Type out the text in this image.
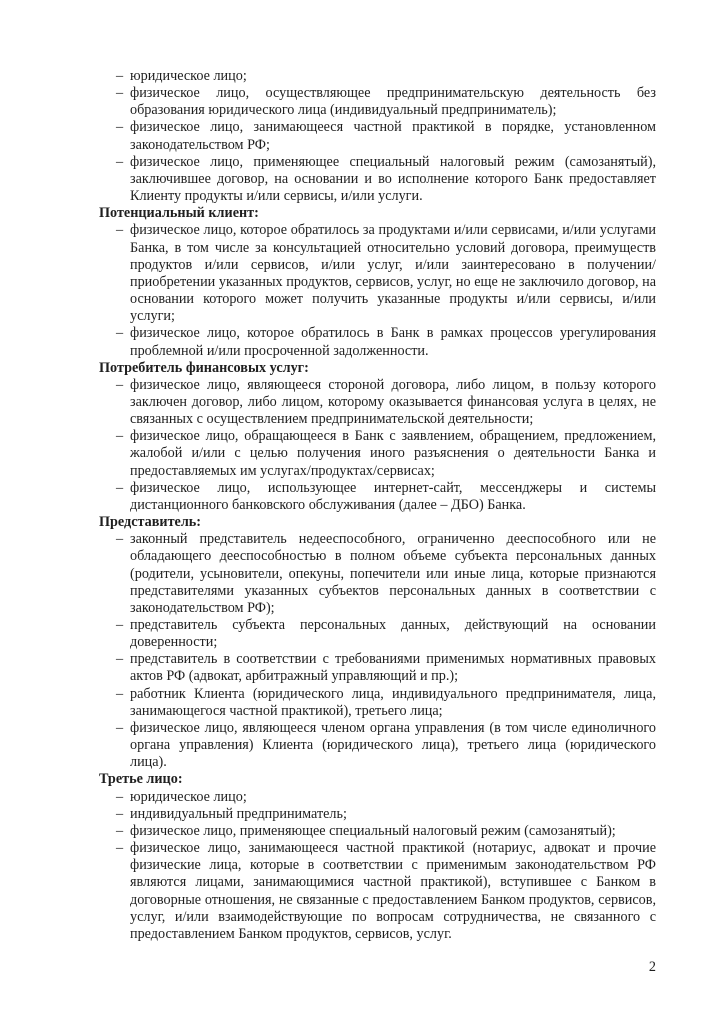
– юридическое лицо;
– физическое лицо, осуществляющее предпринимательскую деятельность без образования юридического лица (индивидуальный предприниматель);
– физическое лицо, занимающееся частной практикой в порядке, установленном законодательством РФ;
– физическое лицо, применяющее специальный налоговый режим (самозанятый), заключившее договор, на основании и во исполнение которого Банк предоставляет Клиенту продукты и/или сервисы, и/или услуги.

Потенциальный клиент:

– физическое лицо, которое обратилось за продуктами и/или сервисами, и/или услугами Банка, в том числе за консультацией относительно условий договора, преимуществ продуктов и/или сервисов, и/или услуг, и/или заинтересовано в получении/приобретении указанных продуктов, сервисов, услуг, но еще не заключило договор, на основании которого может получить указанные продукты и/или сервисы, и/или услуги;
– физическое лицо, которое обратилось в Банк в рамках процессов урегулирования проблемной и/или просроченной задолженности.

Потребитель финансовых услуг:

– физическое лицо, являющееся стороной договора, либо лицом, в пользу которого заключен договор, либо лицом, которому оказывается финансовая услуга в целях, не связанных с осуществлением предпринимательской деятельности;
– физическое лицо, обращающееся в Банк с заявлением, обращением, предложением, жалобой и/или с целью получения иного разъяснения о деятельности Банка и предоставляемых им услугах/продуктах/сервисах;
– физическое лицо, использующее интернет-сайт, мессенджеры и системы дистанционного банковского обслуживания (далее – ДБО) Банка.

Представитель:

– законный представитель недееспособного, ограниченно дееспособного или не обладающего дееспособностью в полном объеме субъекта персональных данных (родители, усыновители, опекуны, попечители или иные лица, которые признаются представителями указанных субъектов персональных данных в соответствии с законодательством РФ);
– представитель субъекта персональных данных, действующий на основании доверенности;
– представитель в соответствии с требованиями применимых нормативных правовых актов РФ (адвокат, арбитражный управляющий и пр.);
– работник Клиента (юридического лица, индивидуального предпринимателя, лица, занимающегося частной практикой), третьего лица;
– физическое лицо, являющееся членом органа управления (в том числе единоличного органа управления) Клиента (юридического лица), третьего лица (юридического лица).

Третье лицо:

– юридическое лицо;
– индивидуальный предприниматель;
– физическое лицо, применяющее специальный налоговый режим (самозанятый);
– физическое лицо, занимающееся частной практикой (нотариус, адвокат и прочие физические лица, которые в соответствии с применимым законодательством РФ являются лицами, занимающимися частной практикой), вступившее с Банком в договорные отношения, не связанные с предоставлением Банком продуктов, сервисов, услуг, и/или взаимодействующие по вопросам сотрудничества, не связанного с предоставлением Банком продуктов, сервисов, услуг.
2
